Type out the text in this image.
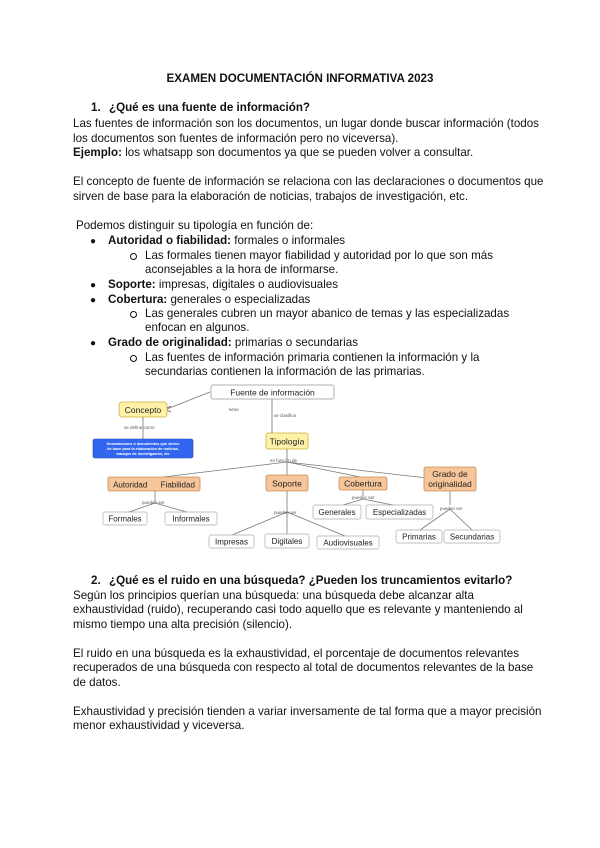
EXAMEN DOCUMENTACIÓN INFORMATIVA 2023
1. ¿Qué es una fuente de información?
Las fuentes de información son los documentos, un lugar donde buscar información (todos
los documentos son fuentes de información pero no viceversa).
Ejemplo: los whatsapp son documentos ya que se pueden volver a consultar.
El concepto de fuente de información se relaciona con las declaraciones o documentos que
sirven de base para la elaboración de noticias, trabajos de investigación, etc.
Podemos distinguir su tipología en función de:
● Autoridad o fiabilidad: formales o informales
Las formales tienen mayor fiabilidad y autoridad por lo que son más
aconsejables a la hora de informarse.
● Soporte: impresas, digitales o audiovisuales
● Cobertura: generales o especializadas
Las generales cubren un mayor abanico de temas y las especializadas
enfocan en algunos.
● Grado de originalidad: primarias o secundarias
Las fuentes de información primaria contienen la información y la
secundarias contienen la información de las primarias.
tiene
se clasifica
se define como
en función de
pueden ser
pueden ser
pueden ser
pueden ser
Fuente de información
Concepto
Declaraciones o documentos que sirven
de base para la elaboración de noticias,
trabajos de investigación, etc
Tipología
Autoridad      Fiabilidad	Soporte	Cobertura
Grado de
originalidad
Formales	Informales
Impresas	Digitales	Audiovisuales
Generales Especializadas
Primarias Secundarias
2. ¿Qué es el ruido en una búsqueda? ¿Pueden los truncamientos evitarlo?
Según los principios querían una búsqueda: una búsqueda debe alcanzar alta
exhaustividad (ruido), recuperando casi todo aquello que es relevante y manteniendo al
mismo tiempo una alta precisión (silencio).
El ruido en una búsqueda es la exhaustividad, el porcentaje de documentos relevantes
recuperados de una búsqueda con respecto al total de documentos relevantes de la base
de datos.
Exhaustividad y precisión tienden a variar inversamente de tal forma que a mayor precisión
menor exhaustividad y viceversa.
